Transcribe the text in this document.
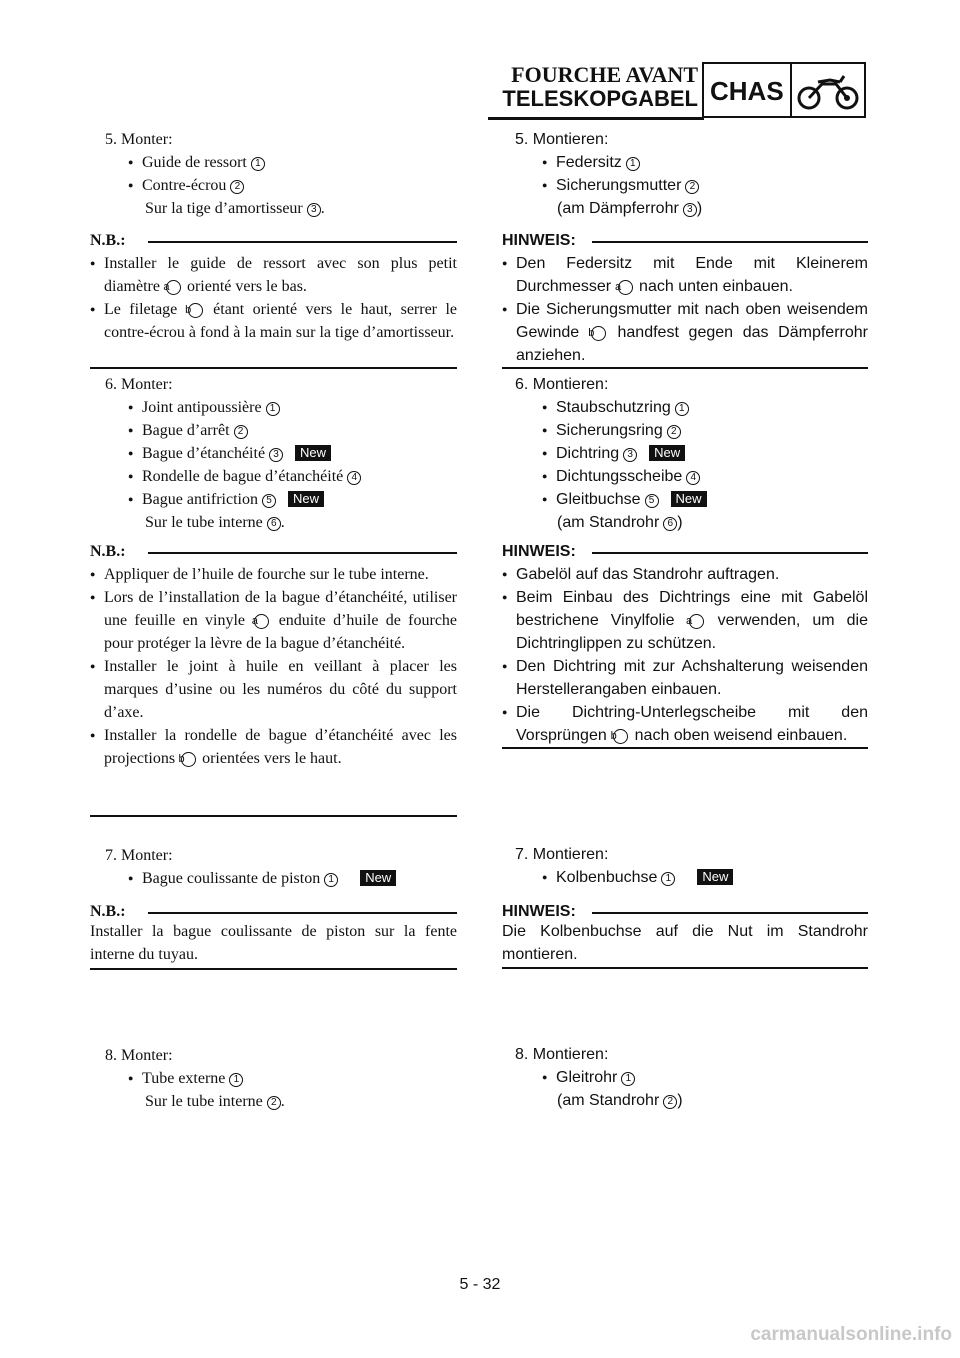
FOURCHE AVANT
TELESKOPGABEL CHAS
5. Monter:
● Guide de ressort 1
● Contre-écrou 2
Sur la tige d’amortisseur 3 .
N.B.:

● Installer le guide de ressort avec son plus petit diamètre a orienté vers le bas.

● Le filetage b étant orienté vers le haut, serrer le contre-écrou à fond à la main sur la tige d’amortisseur.

6. Monter:
● Joint antipoussière 1
● Bague d’arrêt 2
● Bague d’étanchéité 3 New
● Rondelle de bague d’étanchéité 4
● Bague antifriction 5 New
Sur le tube interne 6 .
N.B.:

● Appliquer de l’huile de fourche sur le tube interne.

● Lors de l’installation de la bague d’étanchéité, utiliser une feuille en vinyle a enduite d’huile de fourche pour protéger la lèvre de la bague d’étanchéité.

● Installer le joint à huile en veillant à placer les marques d’usine ou les numéros du côté du support d’axe.

● Installer la rondelle de bague d’étanchéité avec les projections b orientées vers le haut.

7. Monter:
● Bague coulissante de piston 1 New
N.B.:

Installer la bague coulissante de piston sur la fente interne du tuyau.

8. Monter:
● Tube externe 1
Sur le tube interne 2 .
5. Montieren:
● Federsitz 1
● Sicherungsmutter 2
(am Dämpferrohr 3 )
HINWEIS:

● Den Federsitz mit Ende mit Kleinerem Durchmesser a nach unten einbauen.

● Die Sicherungsmutter mit nach oben weisendem Gewinde b handfest gegen das Dämpferrohr anziehen.

6. Montieren:
● Staubschutzring 1
● Sicherungsring 2
● Dichtring 3 New
● Dichtungsscheibe 4
● Gleitbuchse 5 New
(am Standrohr 6 )
HINWEIS:

● Gabelöl auf das Standrohr auftragen.

● Beim Einbau des Dichtrings eine mit Gabelöl bestrichene Vinylfolie a verwenden, um die Dichtringlippen zu schützen.

● Den Dichtring mit zur Achshalterung weisenden Herstellerangaben einbauen.

● Die Dichtring-Unterlegscheibe mit den Vorsprüngen b nach oben weisend einbauen.

7. Montieren:
● Kolbenbuchse 1 New
HINWEIS:

Die Kolbenbuchse auf die Nut im Standrohr montieren.

8. Montieren:
● Gleitrohr 1
(am Standrohr 2 )
5 - 32
carmanualsonline.info
